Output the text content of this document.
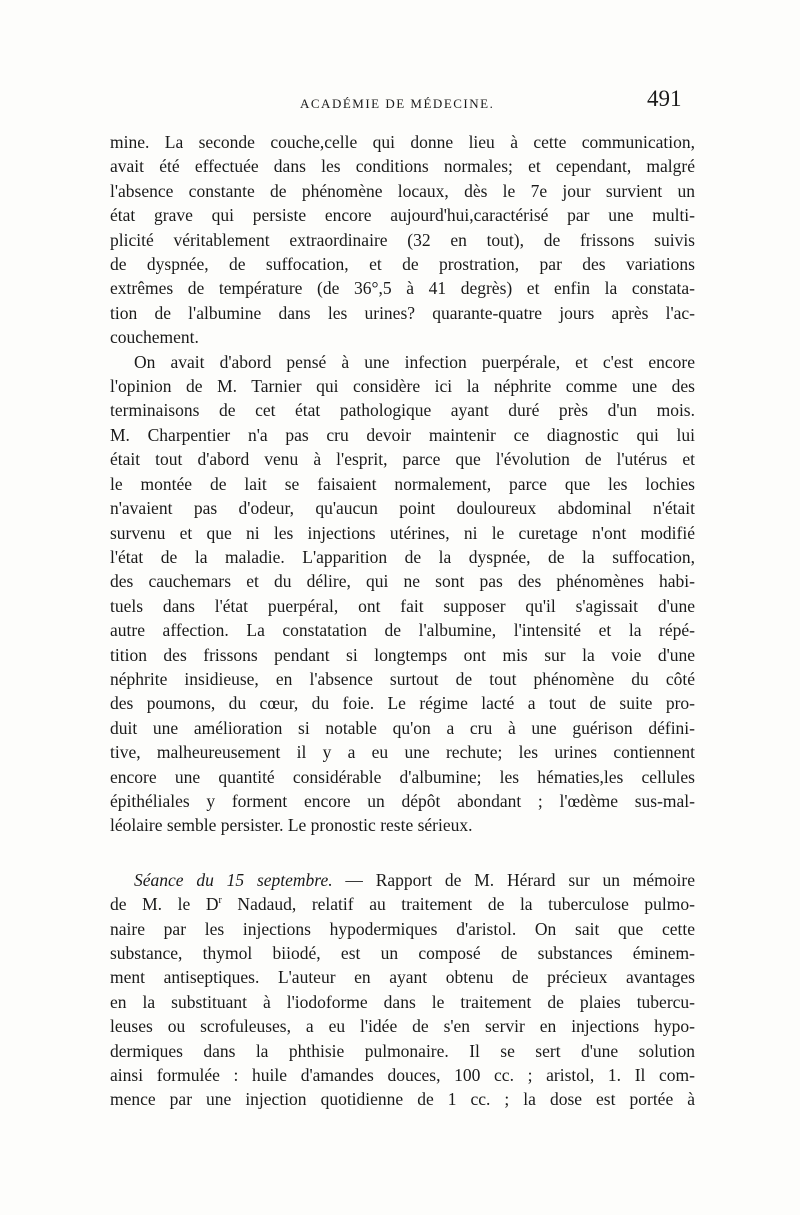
ACADÉMIE DE MÉDECINE.	491
mine. La seconde couche,celle qui donne lieu à cette communication,
avait été effectuée dans les conditions normales; et cependant, malgré
l'absence constante de phénomène locaux, dès le 7e jour survient un
état grave qui persiste encore aujourd'hui,caractérisé par une multi-
plicité véritablement extraordinaire (32 en tout), de frissons suivis
de dyspnée, de suffocation, et de prostration, par des variations
extrêmes de température (de 36°,5 à 41 degrès) et enfin la constata-
tion de l'albumine dans les urines? quarante-quatre jours après l'ac-
couchement.
On avait d'abord pensé à une infection puerpérale, et c'est encore
l'opinion de M. Tarnier qui considère ici la néphrite comme une des
terminaisons de cet état pathologique ayant duré près d'un mois.
M. Charpentier n'a pas cru devoir maintenir ce diagnostic qui lui
était tout d'abord venu à l'esprit, parce que l'évolution de l'utérus et
le montée de lait se faisaient normalement, parce que les lochies
n'avaient pas d'odeur, qu'aucun point douloureux abdominal n'était
survenu et que ni les injections utérines, ni le curetage n'ont modifié
l'état de la maladie. L'apparition de la dyspnée, de la suffocation,
des cauchemars et du délire, qui ne sont pas des phénomènes habi-
tuels dans l'état puerpéral, ont fait supposer qu'il s'agissait d'une
autre affection. La constatation de l'albumine, l'intensité et la répé-
tition des frissons pendant si longtemps ont mis sur la voie d'une
néphrite insidieuse, en l'absence surtout de tout phénomène du côté
des poumons, du cœur, du foie. Le régime lacté a tout de suite pro-
duit une amélioration si notable qu'on a cru à une guérison défini-
tive, malheureusement il y a eu une rechute; les urines contiennent
encore une quantité considérable d'albumine; les hématies,les cellules
épithéliales y forment encore un dépôt abondant ; l'œdème sus-mal-
léolaire semble persister. Le pronostic reste sérieux.
Séance du 15 septembre. — Rapport de M. Hérard sur un mémoire
de M. le $D^r$ Nadaud, relatif au traitement de la tuberculose pulmo-
naire par les injections hypodermiques d'aristol. On sait que cette
substance, thymol biiodé, est un composé de substances éminem-
ment antiseptiques. L'auteur en ayant obtenu de précieux avantages
en la substituant à l'iodoforme dans le traitement de plaies tubercu-
leuses ou scrofuleuses, a eu l'idée de s'en servir en injections hypo-
dermiques dans la phthisie pulmonaire. Il se sert d'une solution
ainsi formulée : huile d'amandes douces, 100 cc. ; aristol, 1. Il com-
mence par une injection quotidienne de 1 cc. ; la dose est portée à
